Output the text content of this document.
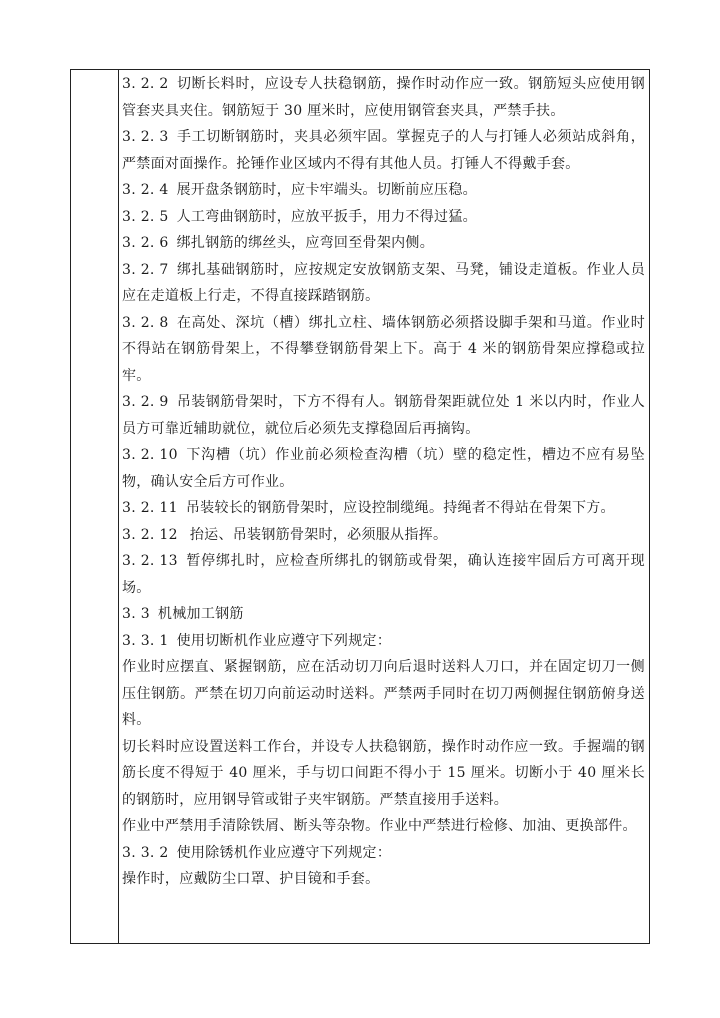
3. 2. 2 切断长料时，应设专人扶稳钢筋，操作时动作应一致。钢筋短头应使用钢管套夹具夹住。钢筋短于 30 厘米时，应使用钢管套夹具，严禁手扶。

3. 2. 3 手工切断钢筋时，夹具必须牢固。掌握克子的人与打锤人必须站成斜角，严禁面对面操作。抡锤作业区域内不得有其他人员。打锤人不得戴手套。

3. 2. 4 展开盘条钢筋时，应卡牢端头。切断前应压稳。

3. 2. 5 人工弯曲钢筋时，应放平扳手，用力不得过猛。

3. 2. 6 绑扎钢筋的绑丝头，应弯回至骨架内侧。

3. 2. 7 绑扎基础钢筋时，应按规定安放钢筋支架、马凳，铺设走道板。作业人员应在走道板上行走，不得直接踩踏钢筋。

3. 2. 8 在高处、深坑（槽）绑扎立柱、墙体钢筋必须搭设脚手架和马道。作业时不得站在钢筋骨架上，不得攀登钢筋骨架上下。高于 4 米的钢筋骨架应撑稳或拉牢。

3. 2. 9 吊装钢筋骨架时，下方不得有人。钢筋骨架距就位处 1 米以内时，作业人员方可靠近辅助就位，就位后必须先支撑稳固后再摘钩。

3. 2. 10 下沟槽（坑）作业前必须检查沟槽（坑）壁的稳定性，槽边不应有易坠物，确认安全后方可作业。

3. 2. 11 吊装较长的钢筋骨架时，应设控制缆绳。持绳者不得站在骨架下方。

3. 2. 12 抬运、吊装钢筋骨架时，必须服从指挥。

3. 2. 13 暂停绑扎时，应检查所绑扎的钢筋或骨架，确认连接牢固后方可离开现场。

3. 3 机械加工钢筋

3. 3. 1 使用切断机作业应遵守下列规定：

作业时应摆直、紧握钢筋，应在活动切刀向后退时送料人刀口，并在固定切刀一侧压住钢筋。严禁在切刀向前运动时送料。严禁两手同时在切刀两侧握住钢筋俯身送料。

切长料时应设置送料工作台，并设专人扶稳钢筋，操作时动作应一致。手握端的钢筋长度不得短于 40 厘米，手与切口间距不得小于 15 厘米。切断小于 40 厘米长的钢筋时，应用钢导管或钳子夹牢钢筋。严禁直接用手送料。

作业中严禁用手清除铁屑、断头等杂物。作业中严禁进行检修、加油、更换部件。

3. 3. 2 使用除锈机作业应遵守下列规定：

操作时，应戴防尘口罩、护目镜和手套。
